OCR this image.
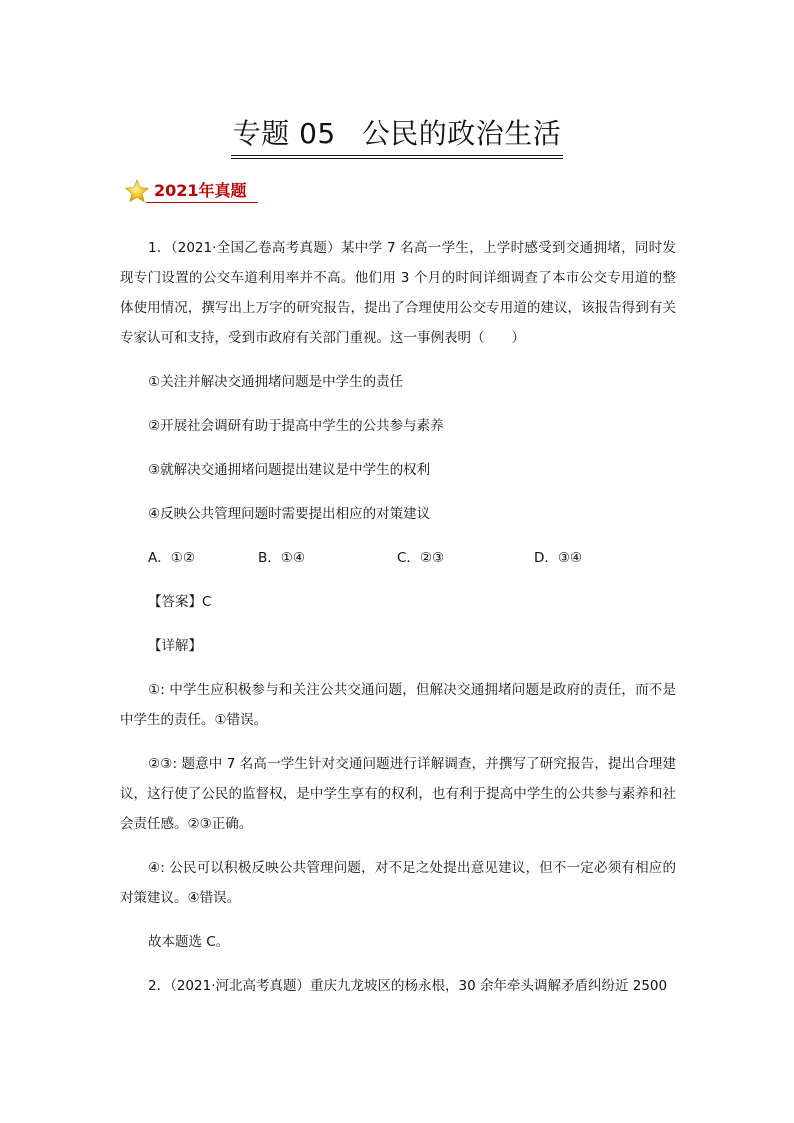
专题 05 公民的政治生活
2021年真题

1．（2021·全国乙卷高考真题）某中学 7 名高一学生，上学时感受到交通拥堵，同时发现专门设置的公交车道利用率并不高。他们用 3 个月的时间详细调查了本市公交专用道的整体使用情况，撰写出上万字的研究报告，提出了合理使用公交专用道的建议，该报告得到有关专家认可和支持，受到市政府有关部门重视。这一事例表明（　　）

①关注并解决交通拥堵问题是中学生的责任

②开展社会调研有助于提高中学生的公共参与素养

③就解决交通拥堵问题提出建议是中学生的权利

④反映公共管理问题时需要提出相应的对策建议

A．①②	B．①④	C．②③	D．③④

【答案】C

【详解】

①: 中学生应积极参与和关注公共交通问题，但解决交通拥堵问题是政府的责任，而不是中学生的责任。①错误。

②③: 题意中 7 名高一学生针对交通问题进行详解调查，并撰写了研究报告，提出合理建议，这行使了公民的监督权，是中学生享有的权利，也有利于提高中学生的公共参与素养和社会责任感。②③正确。

④: 公民可以积极反映公共管理问题，对不足之处提出意见建议，但不一定必须有相应的对策建议。④错误。

故本题选 C。

2．（2021·河北高考真题）重庆九龙坡区的杨永根，30 余年牵头调解矛盾纠纷近 2500
